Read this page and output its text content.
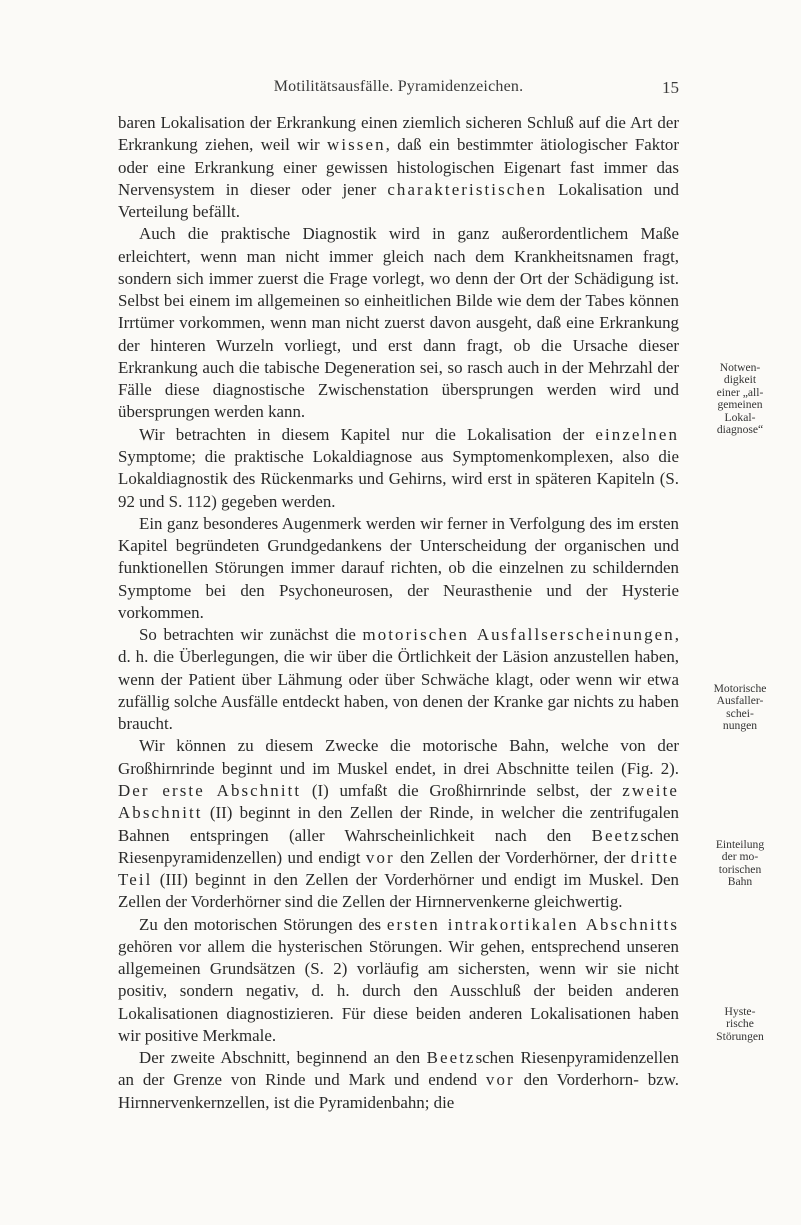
Motilitätsausfälle. Pyramidenzeichen.	15

baren Lokalisation der Erkrankung einen ziemlich sicheren Schluß auf die Art der Erkrankung ziehen, weil wir wissen, daß ein bestimmter ätiologischer Faktor oder eine Erkrankung einer gewissen histologischen Eigenart fast immer das Nervensystem in dieser oder jener charakteristischen Lokalisation und Verteilung befällt.

Auch die praktische Diagnostik wird in ganz außerordentlichem Maße erleichtert, wenn man nicht immer gleich nach dem Krankheitsnamen fragt, sondern sich immer zuerst die Frage vorlegt, wo denn der Ort der Schädigung ist. Selbst bei einem im allgemeinen so einheitlichen Bilde wie dem der Tabes können Irrtümer vorkommen, wenn man nicht zuerst davon ausgeht, daß eine Erkrankung der hinteren Wurzeln vorliegt, und erst dann fragt, ob die Ursache dieser Erkrankung auch die tabische Degeneration sei, so rasch auch in der Mehrzahl der Fälle diese diagnostische Zwischenstation übersprungen werden wird und übersprungen werden kann.

Wir betrachten in diesem Kapitel nur die Lokalisation der einzelnen Symptome; die praktische Lokaldiagnose aus Symptomenkomplexen, also die Lokaldiagnostik des Rückenmarks und Gehirns, wird erst in späteren Kapiteln (S. 92 und S. 112) gegeben werden.

Ein ganz besonderes Augenmerk werden wir ferner in Verfolgung des im ersten Kapitel begründeten Grundgedankens der Unterscheidung der organischen und funktionellen Störungen immer darauf richten, ob die einzelnen zu schildernden Symptome bei den Psychoneurosen, der Neurasthenie und der Hysterie vorkommen.

So betrachten wir zunächst die motorischen Ausfallserscheinungen, d. h. die Überlegungen, die wir über die Örtlichkeit der Läsion anzustellen haben, wenn der Patient über Lähmung oder über Schwäche klagt, oder wenn wir etwa zufällig solche Ausfälle entdeckt haben, von denen der Kranke gar nichts zu haben braucht.

Wir können zu diesem Zwecke die motorische Bahn, welche von der Großhirnrinde beginnt und im Muskel endet, in drei Abschnitte teilen (Fig. 2). Der erste Abschnitt (I) umfaßt die Großhirnrinde selbst, der zweite Abschnitt (II) beginnt in den Zellen der Rinde, in welcher die zentrifugalen Bahnen entspringen (aller Wahrscheinlichkeit nach den Beetzschen Riesenpyramidenzellen) und endigt vor den Zellen der Vorderhörner, der dritte Teil (III) beginnt in den Zellen der Vorderhörner und endigt im Muskel. Den Zellen der Vorderhörner sind die Zellen der Hirnnervenkerne gleichwertig.

Zu den motorischen Störungen des ersten intrakortikalen Abschnitts gehören vor allem die hysterischen Störungen. Wir gehen, entsprechend unseren allgemeinen Grundsätzen (S. 2) vorläufig am sichersten, wenn wir sie nicht positiv, sondern negativ, d. h. durch den Ausschluß der beiden anderen Lokalisationen diagnostizieren. Für diese beiden anderen Lokalisationen haben wir positive Merkmale.

Der zweite Abschnitt, beginnend an den Beetzschen Riesenpyramidenzellen an der Grenze von Rinde und Mark und endend vor den Vorderhorn- bzw. Hirnnervenkernzellen, ist die Pyramidenbahn; die

Notwen-
digkeit
einer „all-
gemeinen
Lokal-
diagnose“
Motorische
Ausfaller-
schei-
nungen
Einteilung
der mo-
torischen
Bahn
Hyste-
rische
Störungen
